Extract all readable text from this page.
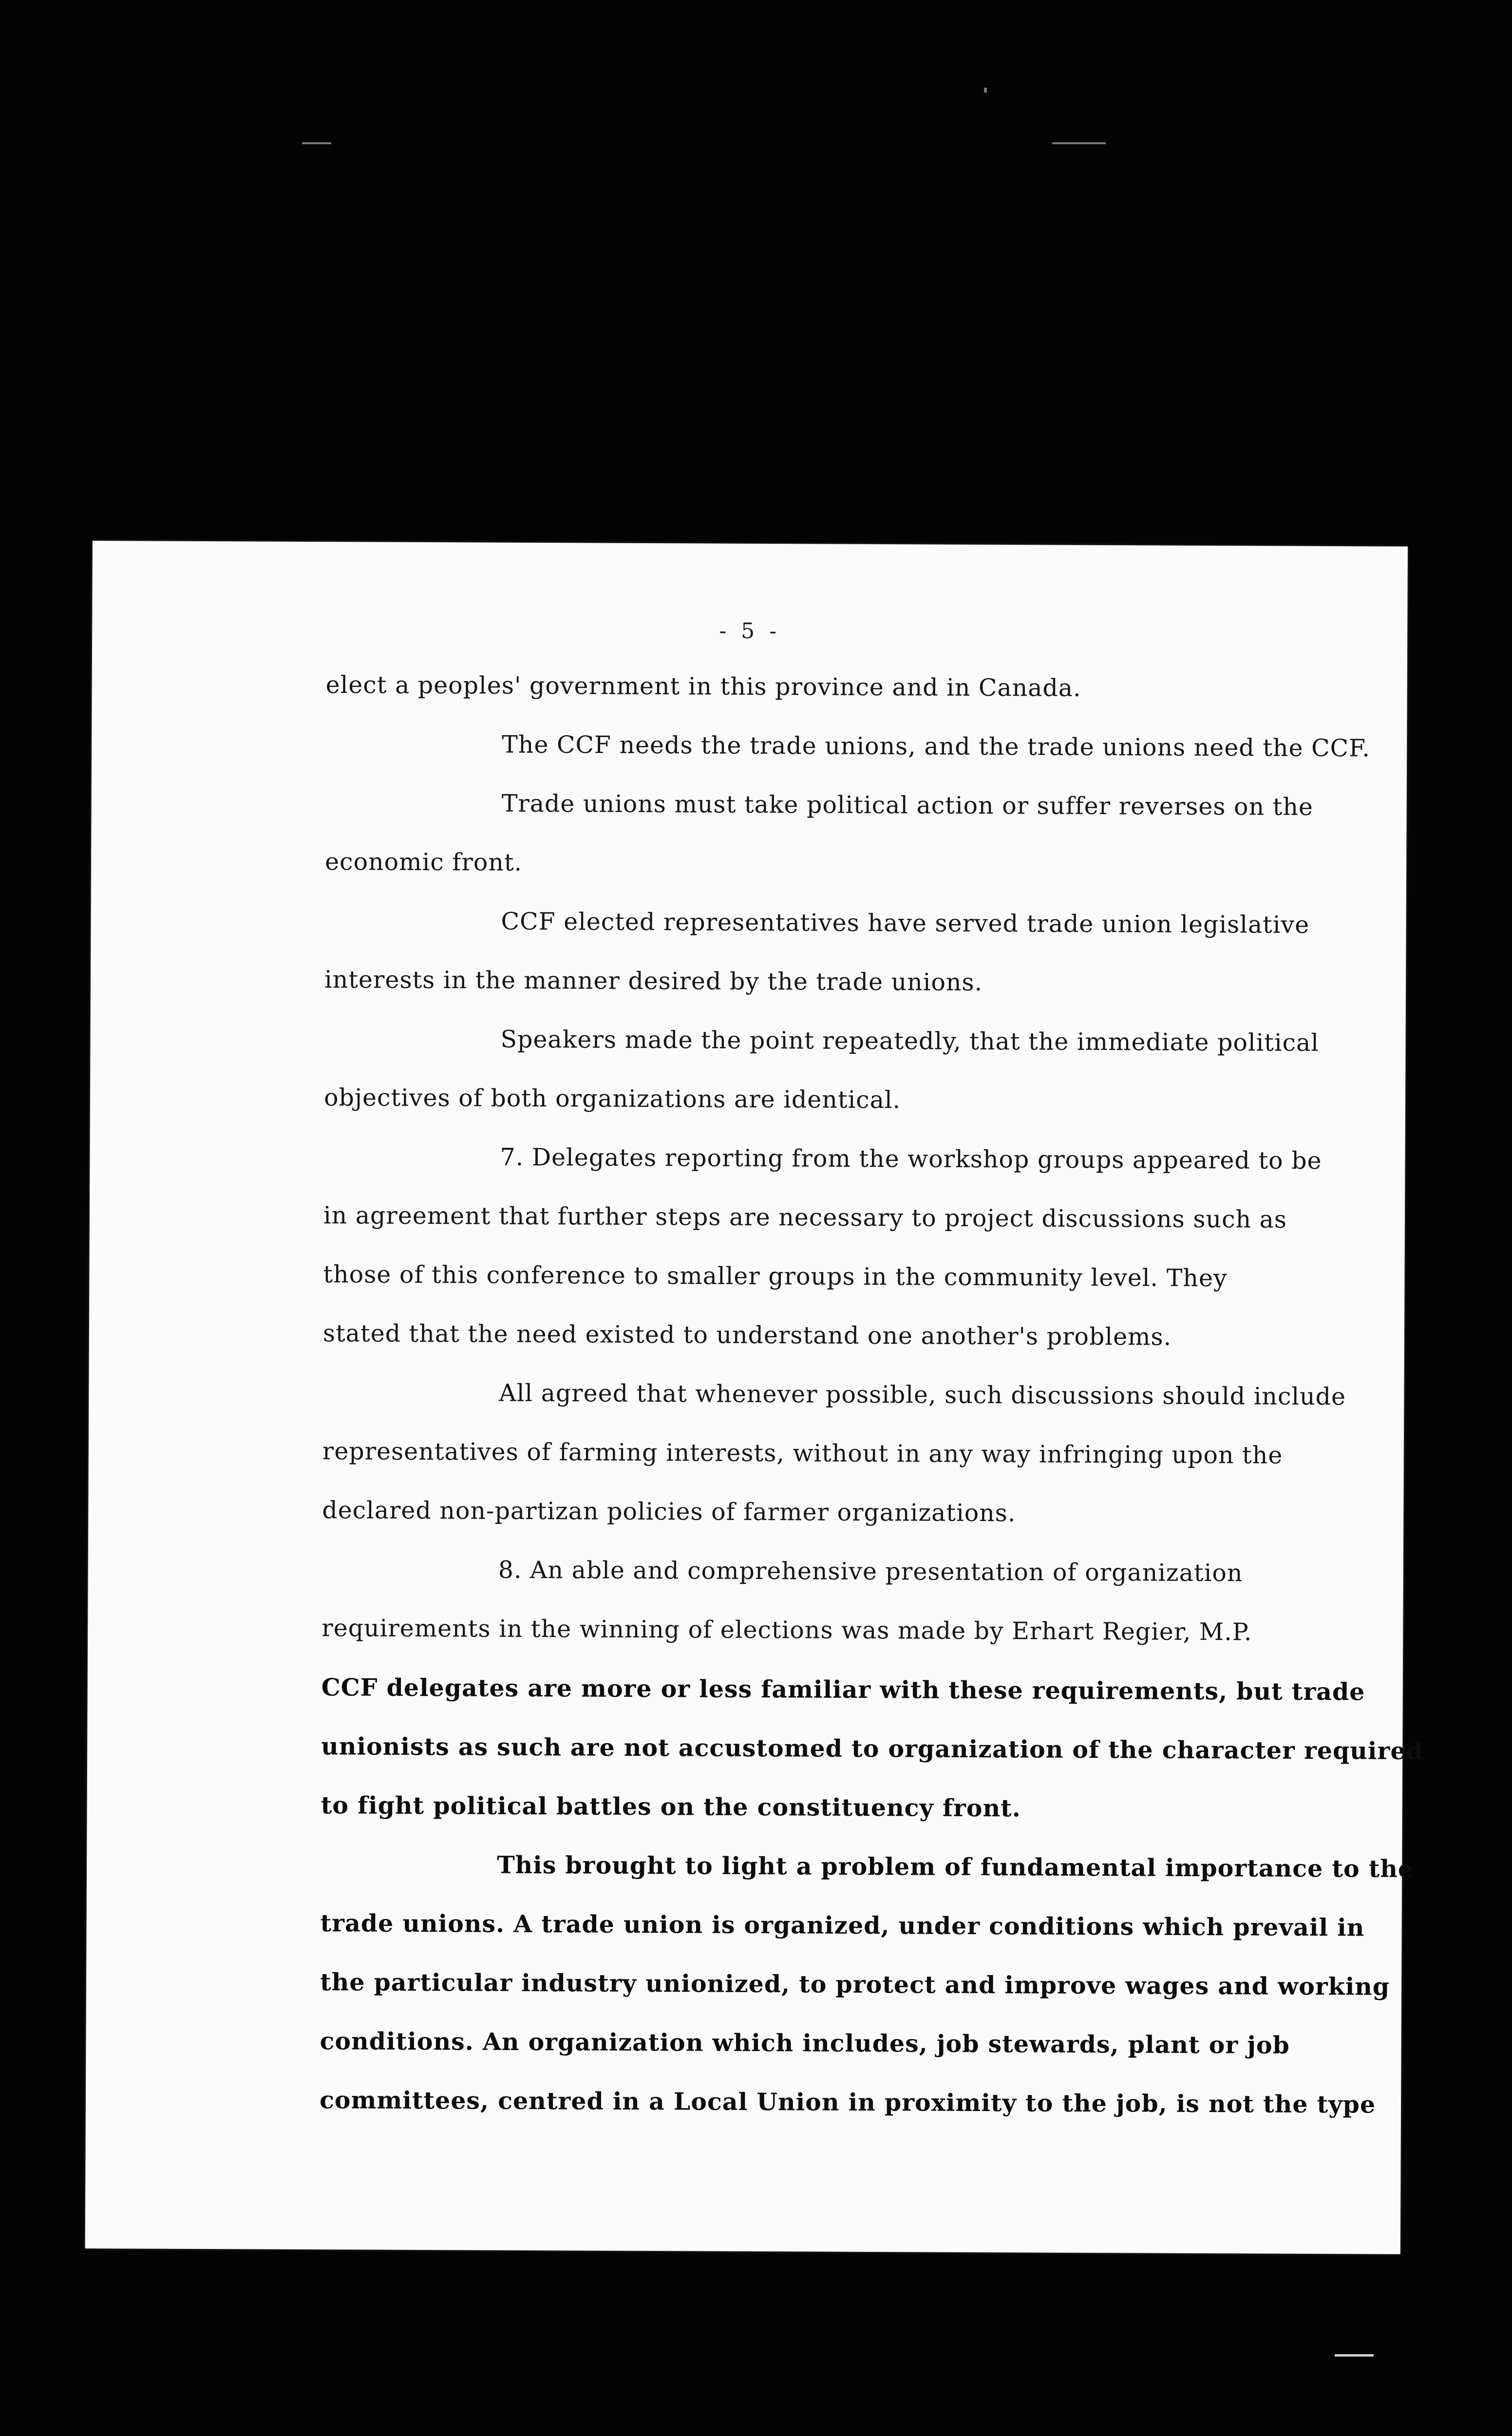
- 5 -
elect a peoples' government in this province and in Canada.
The CCF needs the trade unions, and the trade unions need the CCF.
Trade unions must take political action or suffer reverses on the
economic front.
CCF elected representatives have served trade union legislative
interests in the manner desired by the trade unions.
Speakers made the point repeatedly, that the immediate political
objectives of both organizations are identical.
7. Delegates reporting from the workshop groups appeared to be
in agreement that further steps are necessary to project discussions such as
those of this conference to smaller groups in the community level. They
stated that the need existed to understand one another's problems.
All agreed that whenever possible, such discussions should include
representatives of farming interests, without in any way infringing upon the
declared non-partizan policies of farmer organizations.
8. An able and comprehensive presentation of organization
requirements in the winning of elections was made by Erhart Regier, M.P.
CCF delegates are more or less familiar with these requirements, but trade
unionists as such are not accustomed to organization of the character required
to fight political battles on the constituency front.
This brought to light a problem of fundamental importance to the
trade unions. A trade union is organized, under conditions which prevail in
the particular industry unionized, to protect and improve wages and working
conditions. An organization which includes, job stewards, plant or job
committees, centred in a Local Union in proximity to the job, is not the type
